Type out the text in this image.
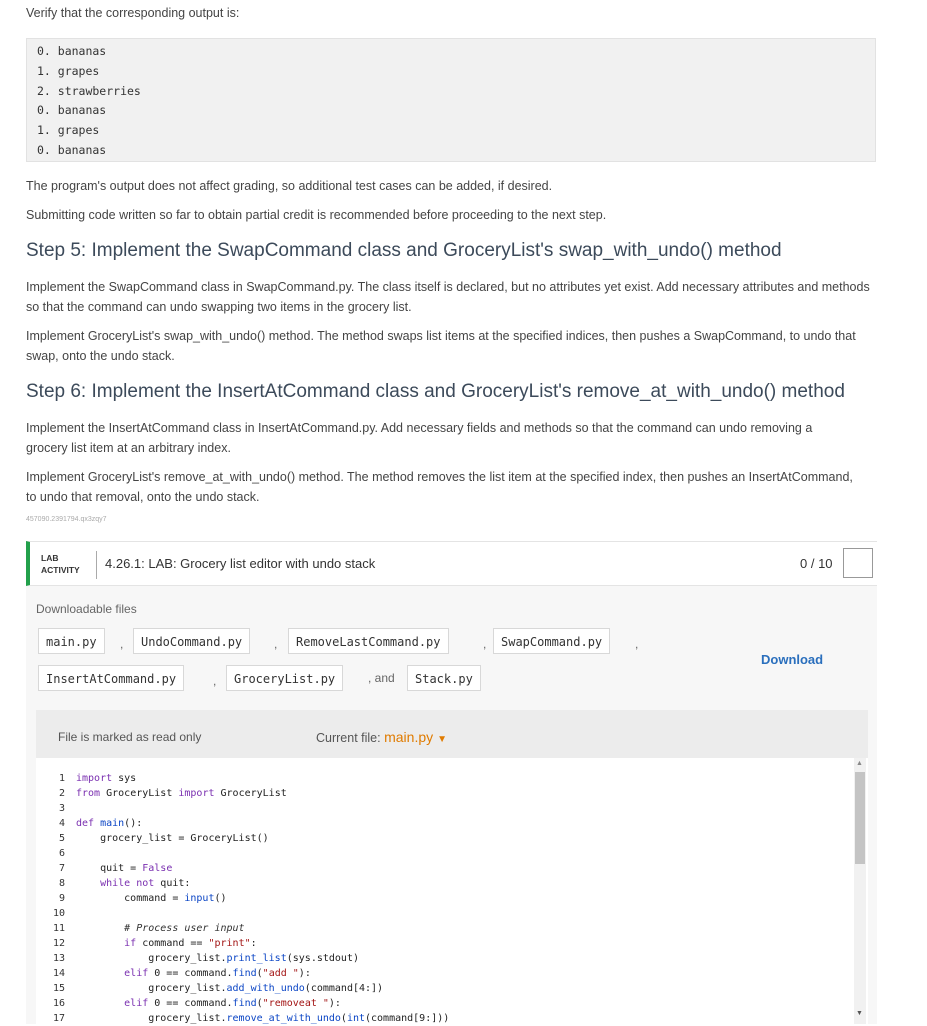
Verify that the corresponding output is:

0. bananas
1. grapes
2. strawberries
0. bananas
1. grapes
0. bananas

The program's output does not affect grading, so additional test cases can be added, if desired.

Submitting code written so far to obtain partial credit is recommended before proceeding to the next step.

Step 5: Implement the SwapCommand class and GroceryList's swap_with_undo() method

Implement the SwapCommand class in SwapCommand.py. The class itself is declared, but no attributes yet exist. Add necessary attributes and methods so that the command can undo swapping two items in the grocery list.

Implement GroceryList's swap_with_undo() method. The method swaps list items at the specified indices, then pushes a SwapCommand, to undo that swap, onto the undo stack.

Step 6: Implement the InsertAtCommand class and GroceryList's remove_at_with_undo() method

Implement the InsertAtCommand class in InsertAtCommand.py. Add necessary fields and methods so that the command can undo removing a grocery list item at an arbitrary index.

Implement GroceryList's remove_at_with_undo() method. The method removes the list item at the specified index, then pushes an InsertAtCommand, to undo that removal, onto the undo stack.

457090.2391794.qx3zqy7
LAB
ACTIVITY 4.26.1: LAB: Grocery list editor with undo stack	0 / 10
Downloadable files
main.py	,	UndoCommand.py	,	RemoveLastCommand.py	,	SwapCommand.py	,
InsertAtCommand.py	,	GroceryList.py	, and	Stack.py
Download
File is marked as read only	Current file: main.py ▼
1
2
3
4
5
6
7
8
9
10
11
12
13
14
15
16
17
import sys
from GroceryList import GroceryList
def main():
grocery_list = GroceryList()
quit = False
while not quit:
command = input()
# Process user input
if command == "print":
grocery_list.print_list(sys.stdout)
elif 0 == command.find("add "):
grocery_list.add_with_undo(command[4:])
elif 0 == command.find("removeat "):
grocery_list.remove_at_with_undo(int(command[9:]))
▲
▼
